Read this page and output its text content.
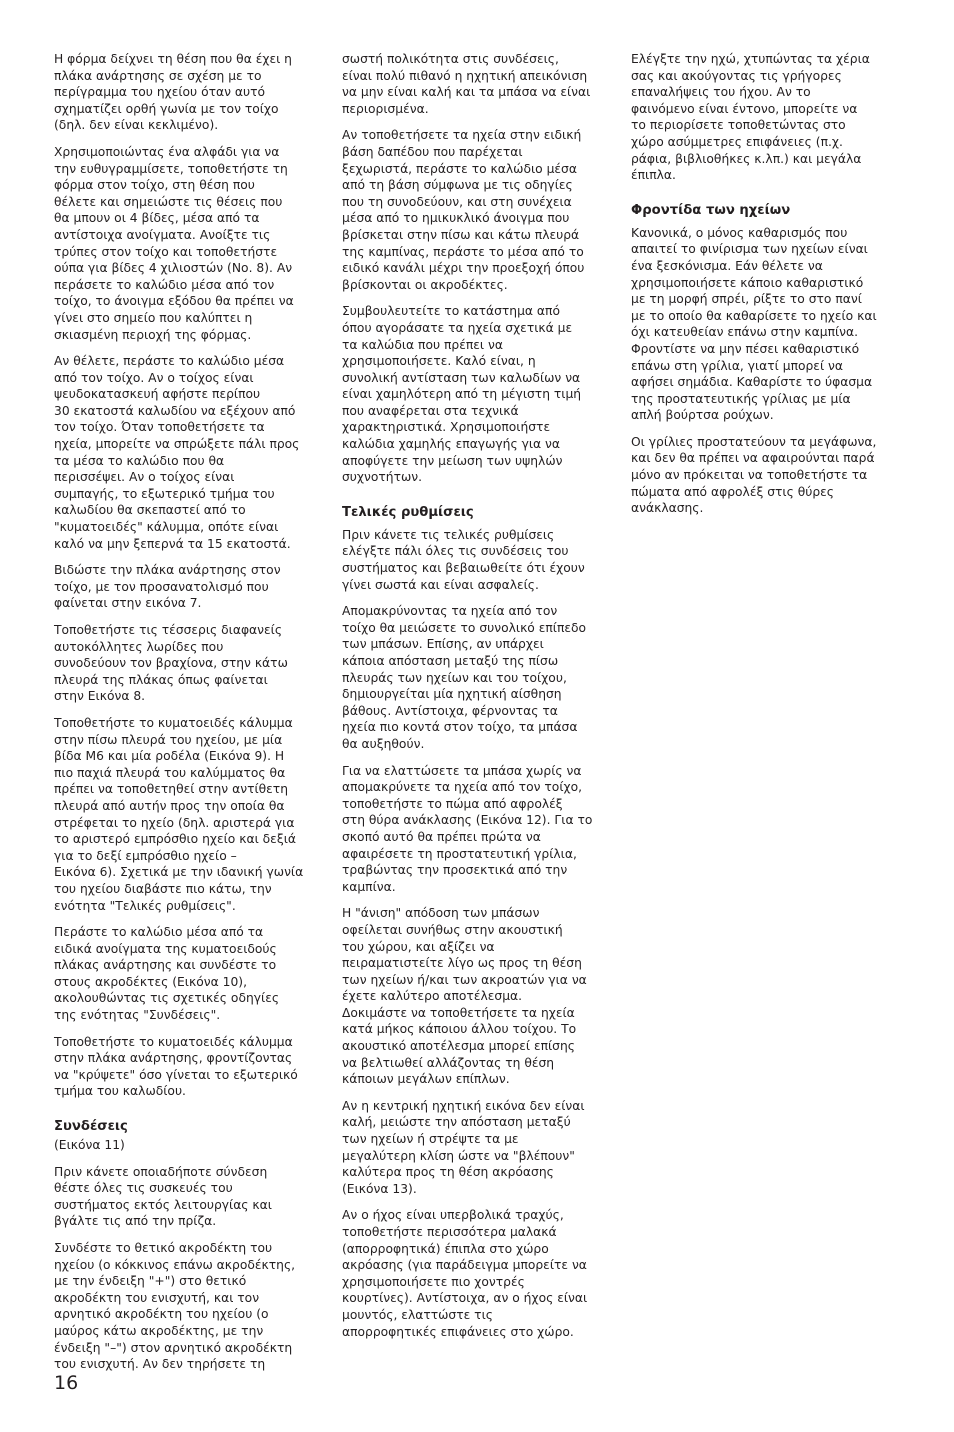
Η φόρμα δείχνει τη θέση που θα έχει η
πλάκα ανάρτησης σε σχέση με το
περίγραμμα του ηχείου όταν αυτό
σχηματίζει ορθή γωνία με τον τοίχο
(δηλ. δεν είναι κεκλιμένο).

Χρησιμοποιώντας ένα αλφάδι για να
την ευθυγραμμίσετε, τοποθετήστε τη
φόρμα στον τοίχο, στη θέση που
θέλετε και σημειώστε τις θέσεις που
θα μπουν οι 4 βίδες, μέσα από τα
αντίστοιχα ανοίγματα. Ανοίξτε τις
τρύπες στον τοίχο και τοποθετήστε
ούπα για βίδες 4 χιλιοστών (Νο. 8). Αν
περάσετε το καλώδιο μέσα από τον
τοίχο, το άνοιγμα εξόδου θα πρέπει να
γίνει στο σημείο που καλύπτει η
σκιασμένη περιοχή της φόρμας.

Αν θέλετε, περάστε το καλώδιο μέσα
από τον τοίχο. Αν ο τοίχος είναι
ψευδοκατασκευή αφήστε περίπου
30 εκατοστά καλωδίου να εξέχουν από
τον τοίχο. Όταν τοποθετήσετε τα
ηχεία, μπορείτε να σπρώξετε πάλι προς
τα μέσα το καλώδιο που θα
περισσέψει. Αν ο τοίχος είναι
συμπαγής, το εξωτερικό τμήμα του
καλωδίου θα σκεπαστεί από το
"κυματοειδές" κάλυμμα, οπότε είναι
καλό να μην ξεπερνά τα 15 εκατοστά.

Βιδώστε την πλάκα ανάρτησης στον
τοίχο, με τον προσανατολισμό που
φαίνεται στην εικόνα 7.

Τοποθετήστε τις τέσσερις διαφανείς
αυτοκόλλητες λωρίδες που
συνοδεύουν τον βραχίονα, στην κάτω
πλευρά της πλάκας όπως φαίνεται
στην Εικόνα 8.

Τοποθετήστε το κυματοειδές κάλυμμα
στην πίσω πλευρά του ηχείου, με μία
βίδα Μ6 και μία ροδέλα (Εικόνα 9). Η
πιο παχιά πλευρά του καλύμματος θα
πρέπει να τοποθετηθεί στην αντίθετη
πλευρά από αυτήν προς την οποία θα
στρέφεται το ηχείο (δηλ. αριστερά για
το αριστερό εμπρόσθιο ηχείο και δεξιά
για το δεξί εμπρόσθιο ηχείο –
Εικόνα 6). Σχετικά με την ιδανική γωνία
του ηχείου διαβάστε πιο κάτω, την
ενότητα "Τελικές ρυθμίσεις".

Περάστε το καλώδιο μέσα από τα
ειδικά ανοίγματα της κυματοειδούς
πλάκας ανάρτησης και συνδέστε το
στους ακροδέκτες (Εικόνα 10),
ακολουθώντας τις σχετικές οδηγίες
της ενότητας "Συνδέσεις".

Τοποθετήστε το κυματοειδές κάλυμμα
στην πλάκα ανάρτησης, φροντίζοντας
να "κρύψετε" όσο γίνεται το εξωτερικό
τμήμα του καλωδίου.

Συνδέσεις

(Εικόνα 11)

Πριν κάνετε οποιαδήποτε σύνδεση
θέστε όλες τις συσκευές του
συστήματος εκτός λειτουργίας και
βγάλτε τις από την πρίζα.

Συνδέστε το θετικό ακροδέκτη του
ηχείου (ο κόκκινος επάνω ακροδέκτης,
με την ένδειξη "+") στο θετικό
ακροδέκτη του ενισχυτή, και τον
αρνητικό ακροδέκτη του ηχείου (ο
μαύρος κάτω ακροδέκτης, με την
ένδειξη "–") στον αρνητικό ακροδέκτη
του ενισχυτή. Αν δεν τηρήσετε τη

σωστή πολικότητα στις συνδέσεις,
είναι πολύ πιθανό η ηχητική απεικόνιση
να μην είναι καλή και τα μπάσα να είναι
περιορισμένα.

Αν τοποθετήσετε τα ηχεία στην ειδική
βάση δαπέδου που παρέχεται
ξεχωριστά, περάστε το καλώδιο μέσα
από τη βάση σύμφωνα με τις οδηγίες
που τη συνοδεύουν, και στη συνέχεια
μέσα από το ημικυκλικό άνοιγμα που
βρίσκεται στην πίσω και κάτω πλευρά
της καμπίνας, περάστε το μέσα από το
ειδικό κανάλι μέχρι την προεξοχή όπου
βρίσκονται οι ακροδέκτες.

Συμβουλευτείτε το κατάστημα από
όπου αγοράσατε τα ηχεία σχετικά με
τα καλώδια που πρέπει να
χρησιμοποιήσετε. Καλό είναι, η
συνολική αντίσταση των καλωδίων να
είναι χαμηλότερη από τη μέγιστη τιμή
που αναφέρεται στα τεχνικά
χαρακτηριστικά. Χρησιμοποιήστε
καλώδια χαμηλής επαγωγής για να
αποφύγετε την μείωση των υψηλών
συχνοτήτων.

Τελικές ρυθμίσεις

Πριν κάνετε τις τελικές ρυθμίσεις
ελέγξτε πάλι όλες τις συνδέσεις του
συστήματος και βεβαιωθείτε ότι έχουν
γίνει σωστά και είναι ασφαλείς.

Απομακρύνοντας τα ηχεία από τον
τοίχο θα μειώσετε το συνολικό επίπεδο
των μπάσων. Επίσης, αν υπάρχει
κάποια απόσταση μεταξύ της πίσω
πλευράς των ηχείων και του τοίχου,
δημιουργείται μία ηχητική αίσθηση
βάθους. Αντίστοιχα, φέρνοντας τα
ηχεία πιο κοντά στον τοίχο, τα μπάσα
θα αυξηθούν.

Για να ελαττώσετε τα μπάσα χωρίς να
απομακρύνετε τα ηχεία από τον τοίχο,
τοποθετήστε το πώμα από αφρολέξ
στη θύρα ανάκλασης (Εικόνα 12). Για το
σκοπό αυτό θα πρέπει πρώτα να
αφαιρέσετε τη προστατευτική γρίλια,
τραβώντας την προσεκτικά από την
καμπίνα.

Η "άνιση" απόδοση των μπάσων
οφείλεται συνήθως στην ακουστική
του χώρου, και αξίζει να
πειραματιστείτε λίγο ως προς τη θέση
των ηχείων ή/και των ακροατών για να
έχετε καλύτερο αποτέλεσμα.
Δοκιμάστε να τοποθετήσετε τα ηχεία
κατά μήκος κάποιου άλλου τοίχου. Το
ακουστικό αποτέλεσμα μπορεί επίσης
να βελτιωθεί αλλάζοντας τη θέση
κάποιων μεγάλων επίπλων.

Αν η κεντρική ηχητική εικόνα δεν είναι
καλή, μειώστε την απόσταση μεταξύ
των ηχείων ή στρέψτε τα με
μεγαλύτερη κλίση ώστε να "βλέπουν"
καλύτερα προς τη θέση ακρόασης
(Εικόνα 13).

Αν ο ήχος είναι υπερβολικά τραχύς,
τοποθετήστε περισσότερα μαλακά
(απορροφητικά) έπιπλα στο χώρο
ακρόασης (για παράδειγμα μπορείτε να
χρησιμοποιήσετε πιο χοντρές
κουρτίνες). Αντίστοιχα, αν ο ήχος είναι
μουντός, ελαττώστε τις
απορροφητικές επιφάνειες στο χώρο.

Ελέγξτε την ηχώ, χτυπώντας τα χέρια
σας και ακούγοντας τις γρήγορες
επαναλήψεις του ήχου. Αν το
φαινόμενο είναι έντονο, μπορείτε να
το περιορίσετε τοποθετώντας στο
χώρο ασύμμετρες επιφάνειες (π.χ.
ράφια, βιβλιοθήκες κ.λπ.) και μεγάλα
έπιπλα.

Φροντίδα των ηχείων

Κανονικά, ο μόνος καθαρισμός που
απαιτεί το φινίρισμα των ηχείων είναι
ένα ξεσκόνισμα. Εάν θέλετε να
χρησιμοποιήσετε κάποιο καθαριστικό
με τη μορφή σπρέι, ρίξτε το στο πανί
με το οποίο θα καθαρίσετε το ηχείο και
όχι κατευθείαν επάνω στην καμπίνα.
Φροντίστε να μην πέσει καθαριστικό
επάνω στη γρίλια, γιατί μπορεί να
αφήσει σημάδια. Καθαρίστε το ύφασμα
της προστατευτικής γρίλιας με μία
απλή βούρτσα ρούχων.

Οι γρίλιες προστατεύουν τα μεγάφωνα,
και δεν θα πρέπει να αφαιρούνται παρά
μόνο αν πρόκειται να τοποθετήστε τα
πώματα από αφρολέξ στις θύρες
ανάκλασης.

16
